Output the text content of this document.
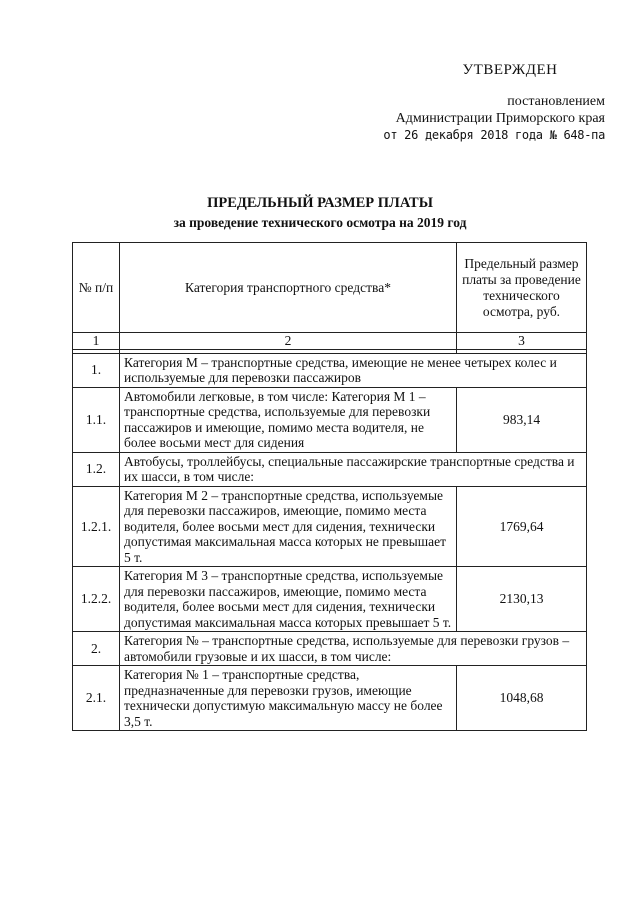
УТВЕРЖДЕН
постановлением
Администрации Приморского края
от 26 декабря 2018 года № 648-па
ПРЕДЕЛЬНЫЙ РАЗМЕР ПЛАТЫ
за проведение технического осмотра на 2019 год
№ п/п	Категория транспортного средства*	Предельный размер платы за проведение технического осмотра, руб.
1	2	3

1.	Категория M – транспортные средства, имеющие не менее четырех колес и используемые для перевозки пассажиров	
1.1.	Автомобили легковые, в том числе: Категория M 1 – транспортные средства, используемые для перевозки пассажиров и имеющие, помимо места водителя, не более восьми мест для сидения	983,14
1.2.	Автобусы, троллейбусы, специальные пассажирские транспортные средства и их шасси, в том числе:	
1.2.1.	Категория M 2 – транспортные средства, используемые для перевозки пассажиров, имеющие, помимо места водителя, более восьми мест для сидения, технически допустимая максимальная масса которых не превышает 5 т.	1769,64
1.2.2.	Категория M 3 – транспортные средства, используемые для перевозки пассажиров, имеющие, помимо места водителя, более восьми мест для сидения, технически допустимая максимальная масса которых превышает 5 т.	2130,13
2.	Категория № – транспортные средства, используемые для перевозки грузов – автомобили грузовые и их шасси, в том числе:	
2.1.	Категория № 1 – транспортные средства, предназначенные для перевозки грузов, имеющие технически допустимую максимальную массу не более 3,5 т.	1048,68
